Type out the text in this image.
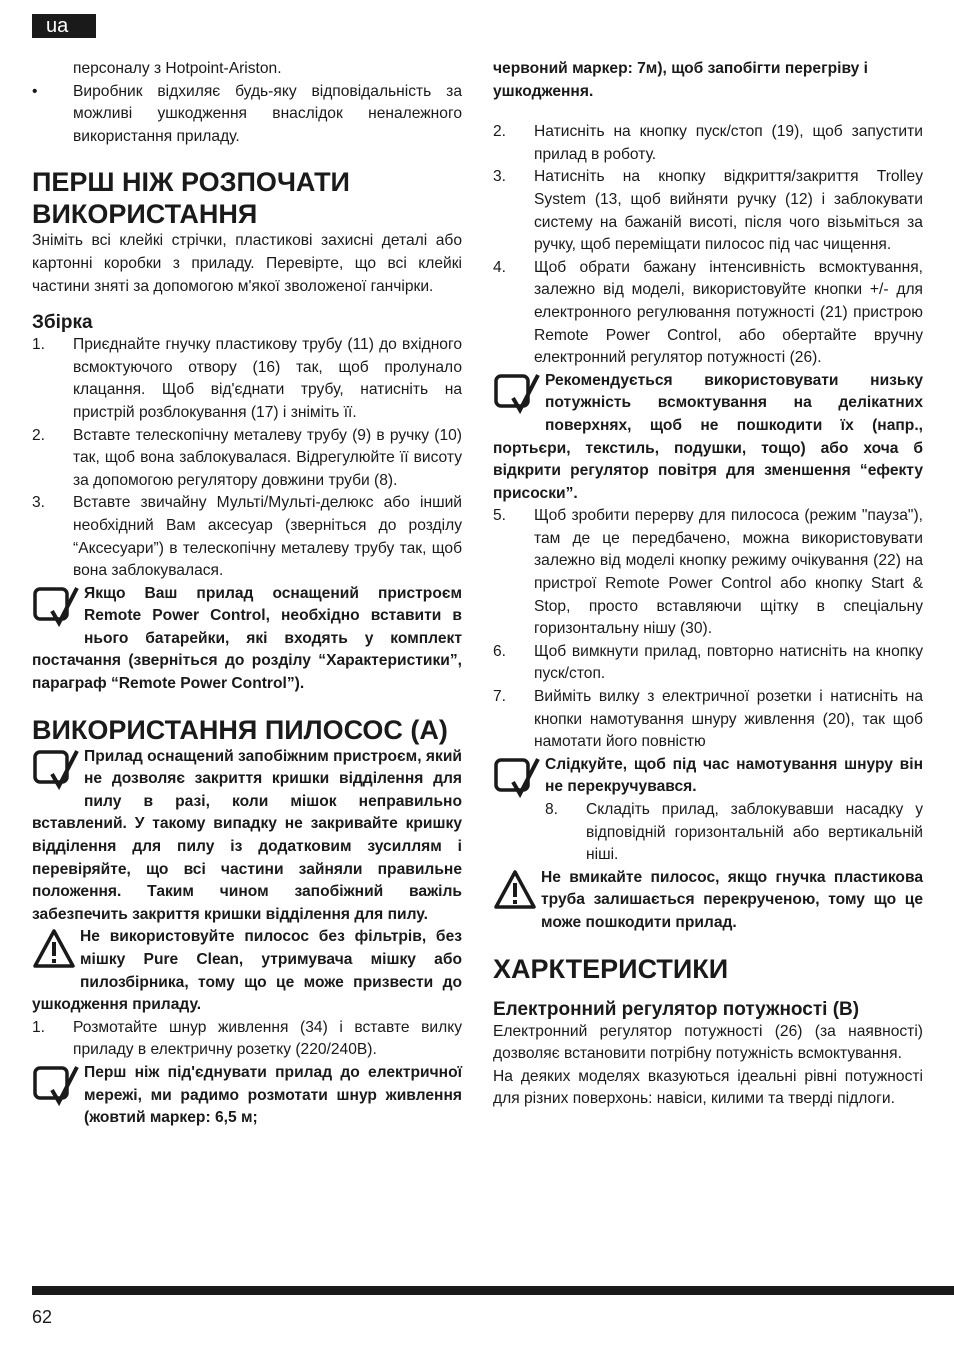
ua
персоналу з Hotpoint-Ariston.
•	Виробник відхиляє будь-яку відповідальність за можливі ушкодження внаслідок неналежного використання приладу.
ПЕРШ НІЖ РОЗПОЧАТИ ВИКОРИСТАННЯ

Зніміть всі клейкі стрічки, пластикові захисні деталі або картонні коробки з приладу. Перевірте, що всі клейкі частини зняті за допомогою м'якої зволоженої ганчірки.

Збірка
1.	Приєднайте гнучку пластикову трубу (11) до вхідного всмоктуючого отвору (16) так, щоб пролунало клацання. Щоб від'єднати трубу, натисніть на пристрій розблокування (17) і зніміть її.
2.	Вставте телескопічну металеву трубу (9) в ручку (10) так, щоб вона заблокувалася. Відрегулюйте її висоту за допомогою регулятору довжини труби (8).
3.	Вставте звичайну Мульті/Мульті-делюкс або інший необхідний Вам аксесуар (зверніться до розділу “Аксесуари”) в телескопічну металеву трубу так, щоб вона заблокувалася.
Якщо Ваш прилад оснащений пристроєм Remote Power Control, необхідно вставити в нього батарейки, які входять у комплект постачання (зверніться до розділу “Характеристики”, параграф “Remote Power Control”).
ВИКОРИСТАННЯ ПИЛОСОС (А)
Прилад оснащений запобіжним пристроєм, який не дозволяє закриття кришки відділення для пилу в разі, коли мішок неправильно вставлений. У такому випадку не закривайте кришку відділення для пилу із додатковим зусиллям і перевіряйте, що всі частини зайняли правильне положення. Таким чином запобіжний важіль забезпечить закриття кришки відділення для пилу.
Не використовуйте пилосос без фільтрів, без мішку Pure Clean, утримувача мішку або пилозбірника, тому що це може призвести до ушкодження приладу.
1.	Розмотайте шнур живлення (34) і вставте вилку приладу в електричну розетку (220/240В).
Перш ніж під'єднувати прилад до електричної мережі, ми радимо розмотати шнур живлення (жовтий маркер: 6,5 м;

червоний маркер: 7м), щоб запобігти перегріву і ушкодження.

2.	Натисніть на кнопку пуск/стоп (19), щоб запустити прилад в роботу.
3.	Натисніть на кнопку відкриття/закриття Trolley System (13, щоб вийняти ручку (12) і заблокувати систему на бажаній висоті, після чого візьміться за ручку, щоб переміщати пилосос під час чищення.
4.	Щоб обрати бажану інтенсивність всмоктування, залежно від моделі, використовуйте кнопки +/- для електронного регулювання потужності (21) пристрою Remote Power Control, або обертайте вручну електронний регулятор потужності (26).
Рекомендується використовувати низьку потужність всмоктування на делікатних поверхнях, щоб не пошкодити їх (напр., портьєри, текстиль, подушки, тощо) або хоча б відкрити регулятор повітря для зменшення “ефекту присоски”.
5.	Щоб зробити перерву для пилососа (режим "пауза"), там де це передбачено, можна використовувати залежно від моделі кнопку режиму очікування (22) на пристрої Remote Power Control або кнопку Start & Stop, просто вставляючи щітку в спеціальну горизонтальну нішу (30).
6.	Щоб вимкнути прилад, повторно натисніть на кнопку пуск/стоп.
7.	Вийміть вилку з електричної розетки і натисніть на кнопки намотування шнуру живлення (20), так щоб намотати його повністю
Слідкуйте, щоб під час намотування шнуру він не перекручувався.
8.	Складіть прилад, заблокувавши насадку у відповідній горизонтальній або вертикальній ніші.
Не вмикайте пилосос, якщо гнучка пластикова труба залишається перекрученою, тому що це може пошкодити прилад.
ХАРКТЕРИСТИКИ
Електронний регулятор потужності (B)

Електронний регулятор потужності (26) (за наявності) дозволяє встановити потрібну потужність всмоктування.

На деяких моделях вказуються ідеальні рівні потужності для різних поверхонь: навіси, килими та тверді підлоги.

62
